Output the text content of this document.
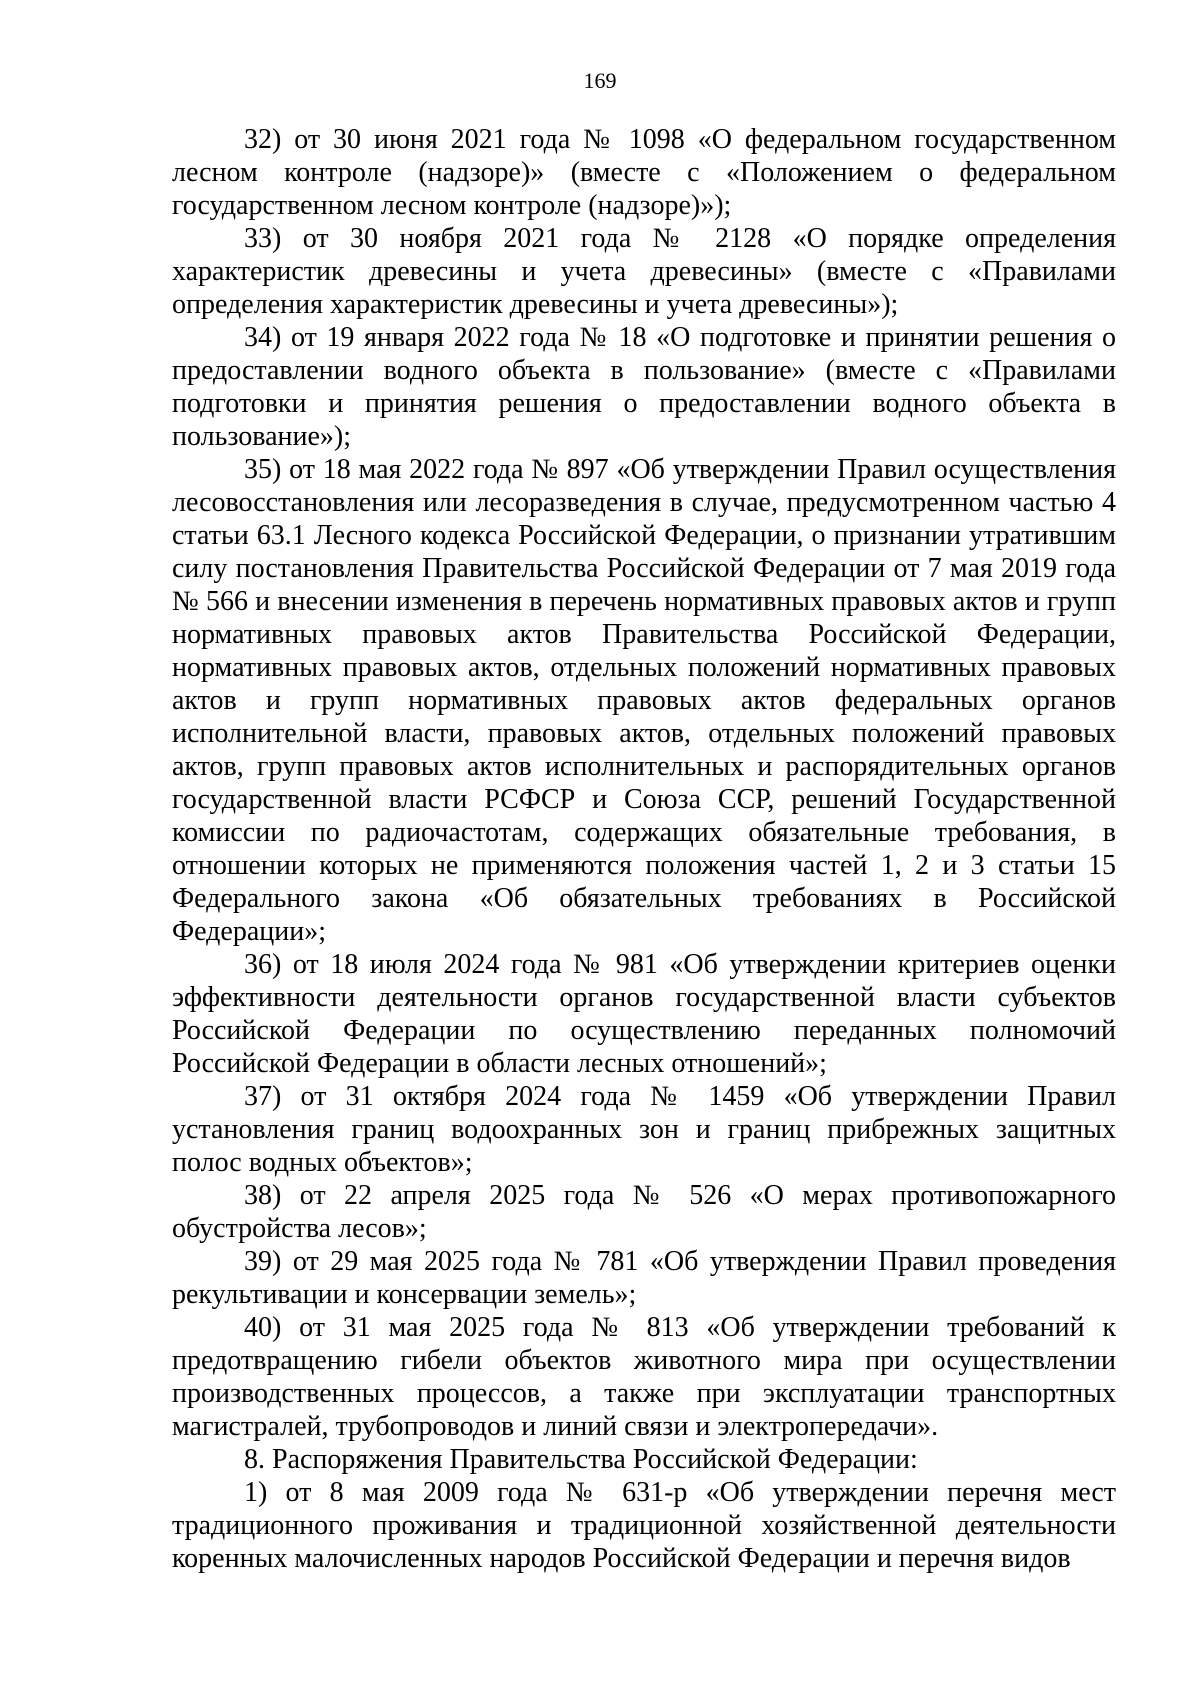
169

32) от 30 июня 2021 года № 1098 «О федеральном государственном лесном контроле (надзоре)» (вместе с «Положением о федеральном государственном лесном контроле (надзоре)»);

33) от 30 ноября 2021 года № 2128 «О порядке определения характеристик древесины и учета древесины» (вместе с «Правилами определения характеристик древесины и учета древесины»);

34) от 19 января 2022 года № 18 «О подготовке и принятии решения о предоставлении водного объекта в пользование» (вместе с «Правилами подготовки и принятия решения о предоставлении водного объекта в пользование»);

35) от 18 мая 2022 года № 897 «Об утверждении Правил осуществления лесовосстановления или лесоразведения в случае, предусмотренном частью 4 статьи 63.1 Лесного кодекса Российской Федерации, о признании утратившим силу постановления Правительства Российской Федерации от 7 мая 2019 года № 566 и внесении изменения в перечень нормативных правовых актов и групп нормативных правовых актов Правительства Российской Федерации, нормативных правовых актов, отдельных положений нормативных правовых актов и групп нормативных правовых актов федеральных органов исполнительной власти, правовых актов, отдельных положений правовых актов, групп правовых актов исполнительных и распорядительных органов государственной власти РСФСР и Союза ССР, решений Государственной комиссии по радиочастотам, содержащих обязательные требования, в отношении которых не применяются положения частей 1, 2 и 3 статьи 15 Федерального закона «Об обязательных требованиях в Российской Федерации»;

36) от 18 июля 2024 года № 981 «Об утверждении критериев оценки эффективности деятельности органов государственной власти субъектов Российской Федерации по осуществлению переданных полномочий Российской Федерации в области лесных отношений»;

37) от 31 октября 2024 года № 1459 «Об утверждении Правил установления границ водоохранных зон и границ прибрежных защитных полос водных объектов»;

38) от 22 апреля 2025 года № 526 «О мерах противопожарного обустройства лесов»;

39) от 29 мая 2025 года № 781 «Об утверждении Правил проведения рекультивации и консервации земель»;

40) от 31 мая 2025 года № 813 «Об утверждении требований к предотвращению гибели объектов животного мира при осуществлении производственных процессов, а также при эксплуатации транспортных магистралей, трубопроводов и линий связи и электропередачи».

8. Распоряжения Правительства Российской Федерации:

1) от 8 мая 2009 года № 631-р «Об утверждении перечня мест традиционного проживания и традиционной хозяйственной деятельности коренных малочисленных народов Российской Федерации и перечня видов
